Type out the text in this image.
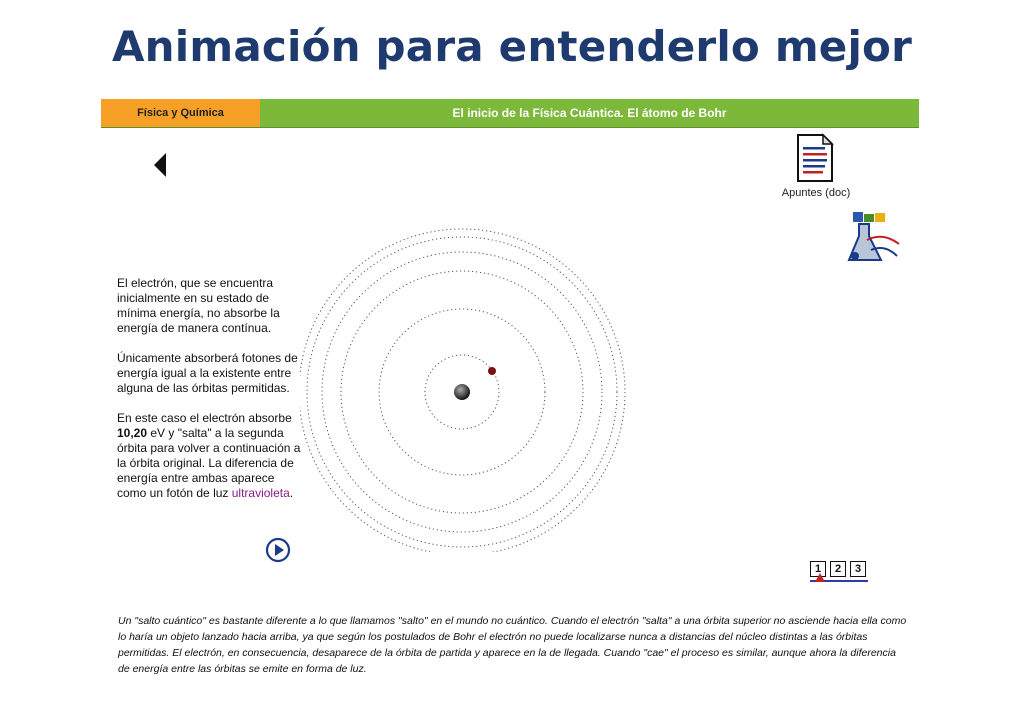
Animación para entenderlo mejor
Física y Química	El inicio de la Física Cuántica. El átomo de Bohr
Apuntes (doc)

El electrón, que se encuentra inicialmente en su estado de mínima energía, no absorbe la energía de manera contínua.

Únicamente absorberá fotones de energía igual a la existente entre alguna de las órbitas permitidas.

En este caso el electrón absorbe 10,20 eV y "salta" a la segunda órbita para volver a continuación a la órbita original. La diferencia de energía entre ambas aparece como un fotón de luz ultravioleta.

1	2	3
Un "salto cuántico" es bastante diferente a lo que llamamos "salto" en el mundo no cuántico. Cuando el electrón "salta" a una órbita superior no asciende hacia ella como lo haría un objeto lanzado hacia arriba, ya que según los postulados de Bohr el electrón no puede localizarse nunca a distancias del núcleo distintas a las órbitas permitidas. El electrón, en consecuencia, desaparece de la órbita de partida y aparece en la de llegada. Cuando "cae" el proceso es similar, aunque ahora la diferencia de energía entre las órbitas se emite en forma de luz.
